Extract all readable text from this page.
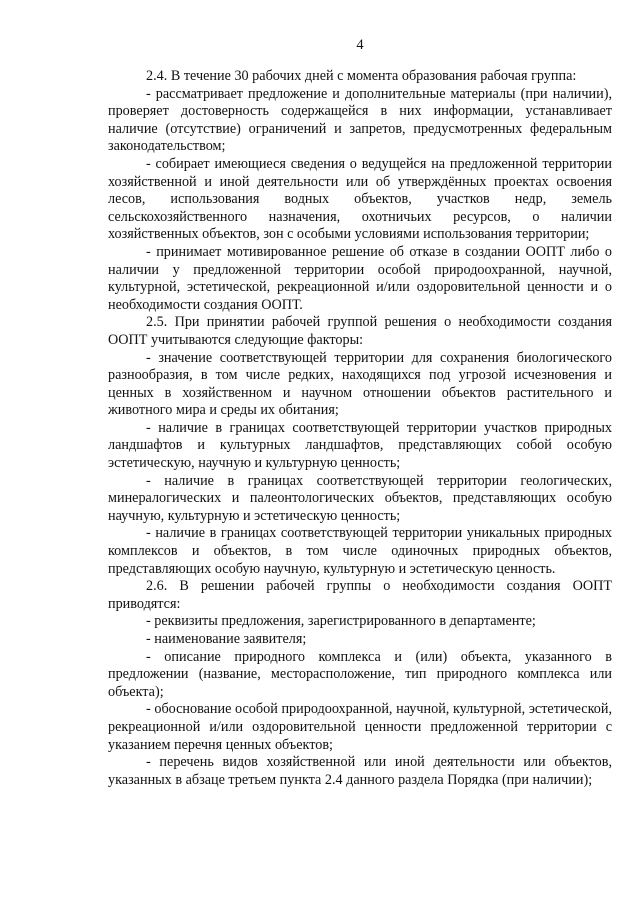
4

2.4. В течение 30 рабочих дней с момента образования рабочая группа:

- рассматривает предложение и дополнительные материалы (при наличии), проверяет достоверность содержащейся в них информации, устанавливает наличие (отсутствие) ограничений и запретов, предусмотренных федеральным законодательством;

- собирает имеющиеся сведения о ведущейся на предложенной территории хозяйственной и иной деятельности или об утверждённых проектах освоения лесов, использования водных объектов, участков недр, земель сельскохозяйственного назначения, охотничьих ресурсов, о наличии хозяйственных объектов, зон с особыми условиями использования территории;

- принимает мотивированное решение об отказе в создании ООПТ либо о наличии у предложенной территории особой природоохранной, научной, культурной, эстетической, рекреационной и/или оздоровительной ценности и о необходимости создания ООПТ.

2.5. При принятии рабочей группой решения о необходимости создания ООПТ учитываются следующие факторы:

- значение соответствующей территории для сохранения биологического разнообразия, в том числе редких, находящихся под угрозой исчезновения и ценных в хозяйственном и научном отношении объектов растительного и животного мира и среды их обитания;

- наличие в границах соответствующей территории участков природных ландшафтов и культурных ландшафтов, представляющих собой особую эстетическую, научную и культурную ценность;

- наличие в границах соответствующей территории геологических, минералогических и палеонтологических объектов, представляющих особую научную, культурную и эстетическую ценность;

- наличие в границах соответствующей территории уникальных природных комплексов и объектов, в том числе одиночных природных объектов, представляющих особую научную, культурную и эстетическую ценность.

2.6. В решении рабочей группы о необходимости создания ООПТ приводятся:

- реквизиты предложения, зарегистрированного в департаменте;

- наименование заявителя;

- описание природного комплекса и (или) объекта, указанного в предложении (название, месторасположение, тип природного комплекса или объекта);

- обоснование особой природоохранной, научной, культурной, эстетической, рекреационной и/или оздоровительной ценности предложенной территории с указанием перечня ценных объектов;

- перечень видов хозяйственной или иной деятельности или объектов, указанных в абзаце третьем пункта 2.4 данного раздела Порядка (при наличии);
